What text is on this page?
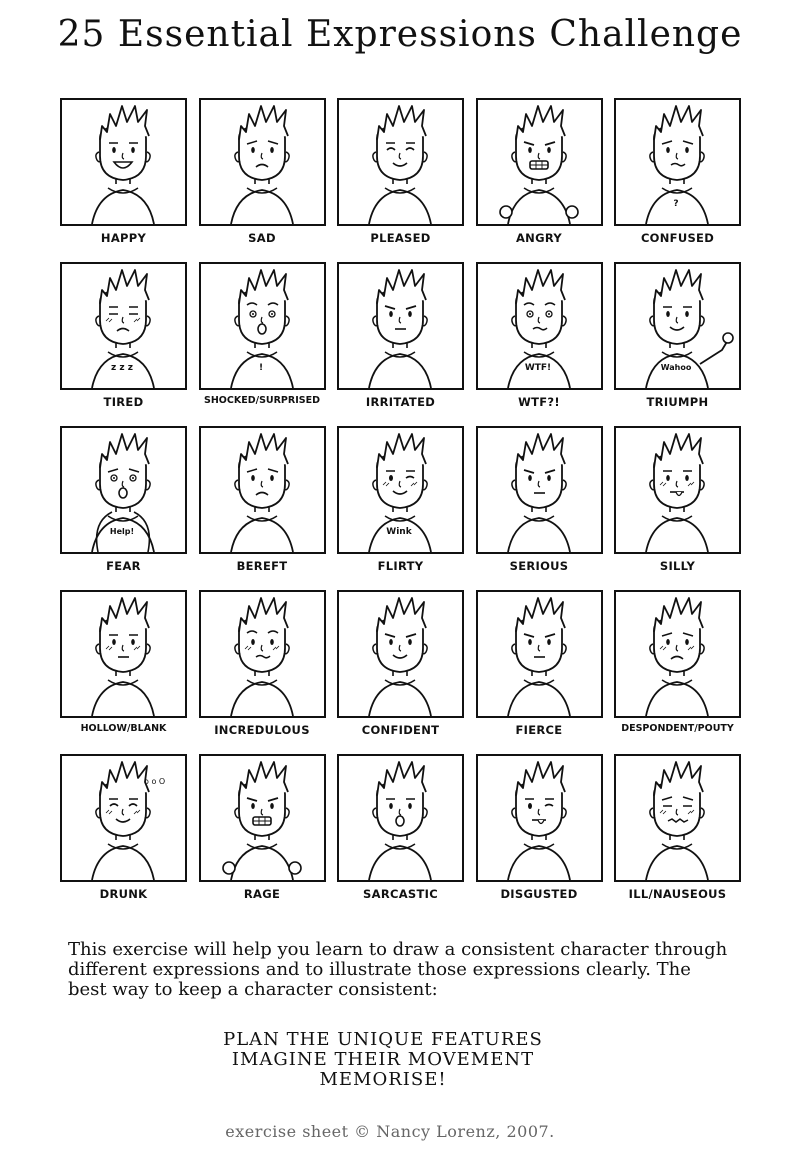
25 Essential Expressions Challenge
HAPPY	SAD	PLEASED	ANGRY
?
CONFUSED
z z z
TIRED
!
SHOCKED/SURPRISED	IRRITATED
WTF!
WTF?!
Wahoo
TRIUMPH
Help!
FEAR	BEREFT
Wink
FLIRTY	SERIOUS	SILLY
HOLLOW/BLANK	INCREDULOUS	CONFIDENT	FIERCE	DESPONDENT/POUTY
o o O
DRUNK	RAGE	SARCASTIC	DISGUSTED	ILL/NAUSEOUS
This exercise will help you learn to draw a consistent character through
different expressions and to illustrate those expressions clearly. The
best way to keep a character consistent:
PLAN THE UNIQUE FEATURES
IMAGINE THEIR MOVEMENT
MEMORISE!
exercise sheet © Nancy Lorenz, 2007.
